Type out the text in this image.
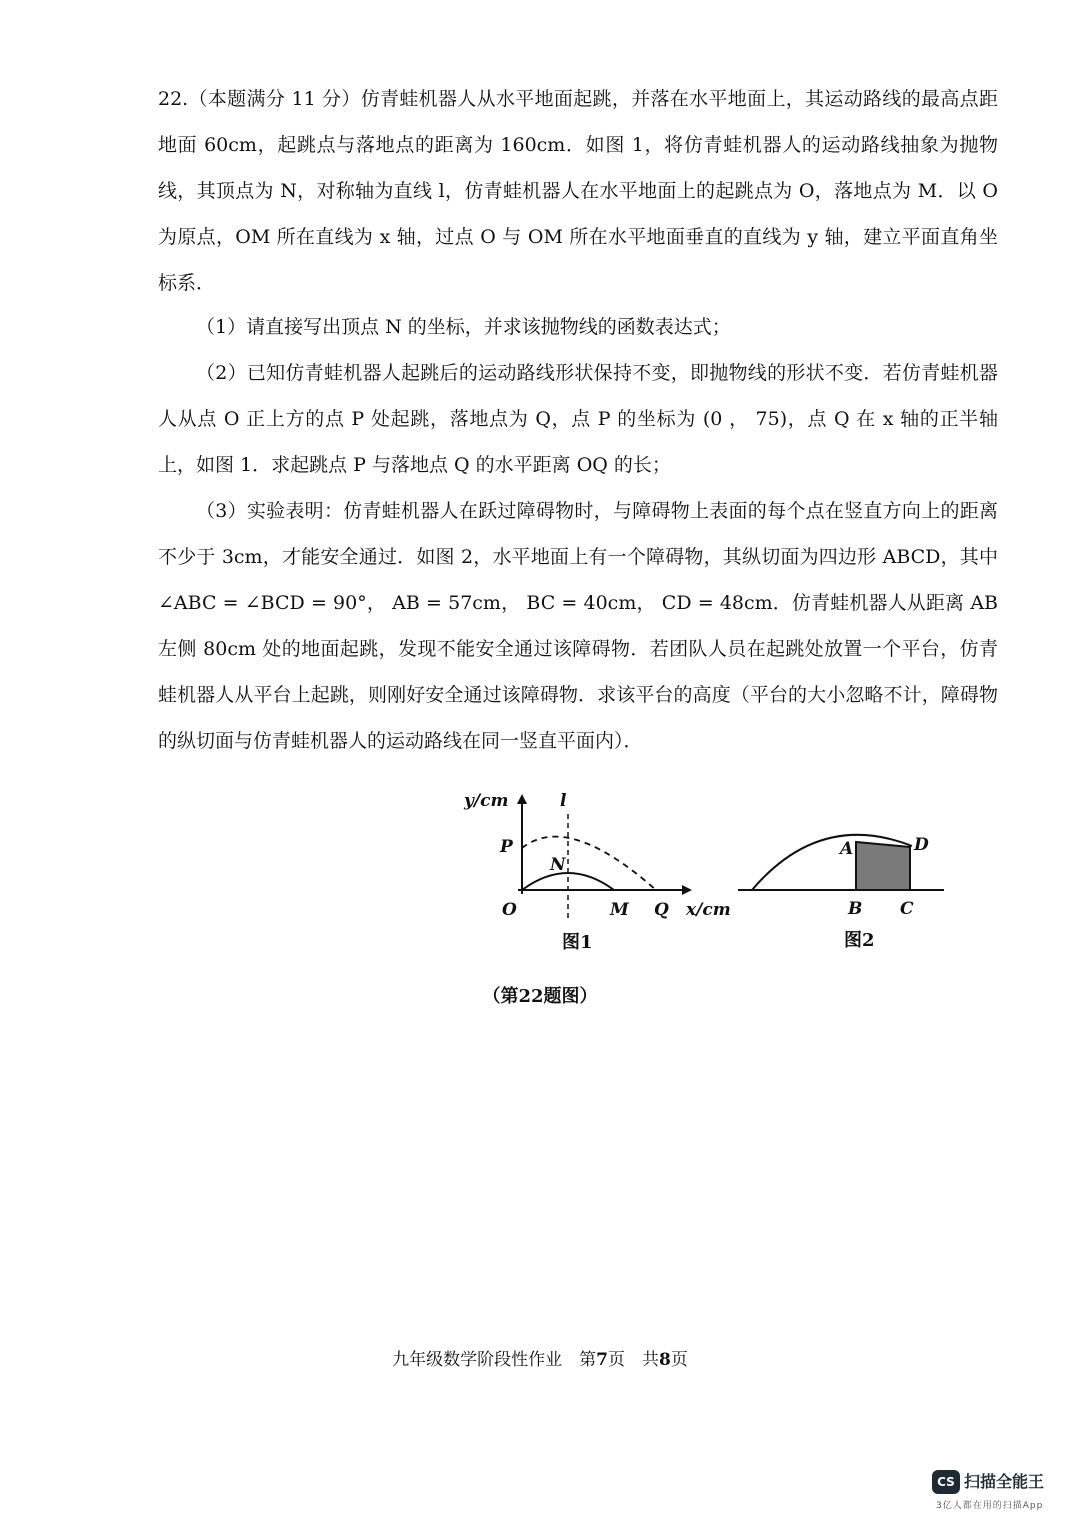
22.（本题满分 11 分）仿青蛙机器人从水平地面起跳，并落在水平地面上，其运动路线的最高点距地面 60cm，起跳点与落地点的距离为 160cm．如图 1，将仿青蛙机器人的运动路线抽象为抛物线，其顶点为 N，对称轴为直线 l，仿青蛙机器人在水平地面上的起跳点为 O，落地点为 M．以 O 为原点，OM 所在直线为 x 轴，过点 O 与 OM 所在水平地面垂直的直线为 y 轴，建立平面直角坐标系．

（1）请直接写出顶点 N 的坐标，并求该抛物线的函数表达式；

（2）已知仿青蛙机器人起跳后的运动路线形状保持不变，即抛物线的形状不变．若仿青蛙机器人从点 O 正上方的点 P 处起跳，落地点为 Q，点 P 的坐标为 (0 ， 75)，点 Q 在 x 轴的正半轴上，如图 1．求起跳点 P 与落地点 Q 的水平距离 OQ 的长；

（3）实验表明：仿青蛙机器人在跃过障碍物时，与障碍物上表面的每个点在竖直方向上的距离不少于 3cm，才能安全通过．如图 2，水平地面上有一个障碍物，其纵切面为四边形 ABCD，其中 ∠ABC = ∠BCD = 90°， AB = 57cm， BC = 40cm， CD = 48cm．仿青蛙机器人从距离 AB 左侧 80cm 处的地面起跳，发现不能安全通过该障碍物．若团队人员在起跳处放置一个平台，仿青蛙机器人从平台上起跳，则刚好安全通过该障碍物．求该平台的高度（平台的大小忽略不计，障碍物的纵切面与仿青蛙机器人的运动路线在同一竖直平面内）．

y/cm	l
P
N
O	M Q x/cm
图1
A	D
B C
图2
（第22题图）
九年级数学阶段性作业　 第7页　共8页
CS 扫描全能王
3亿人都在用的扫描App
